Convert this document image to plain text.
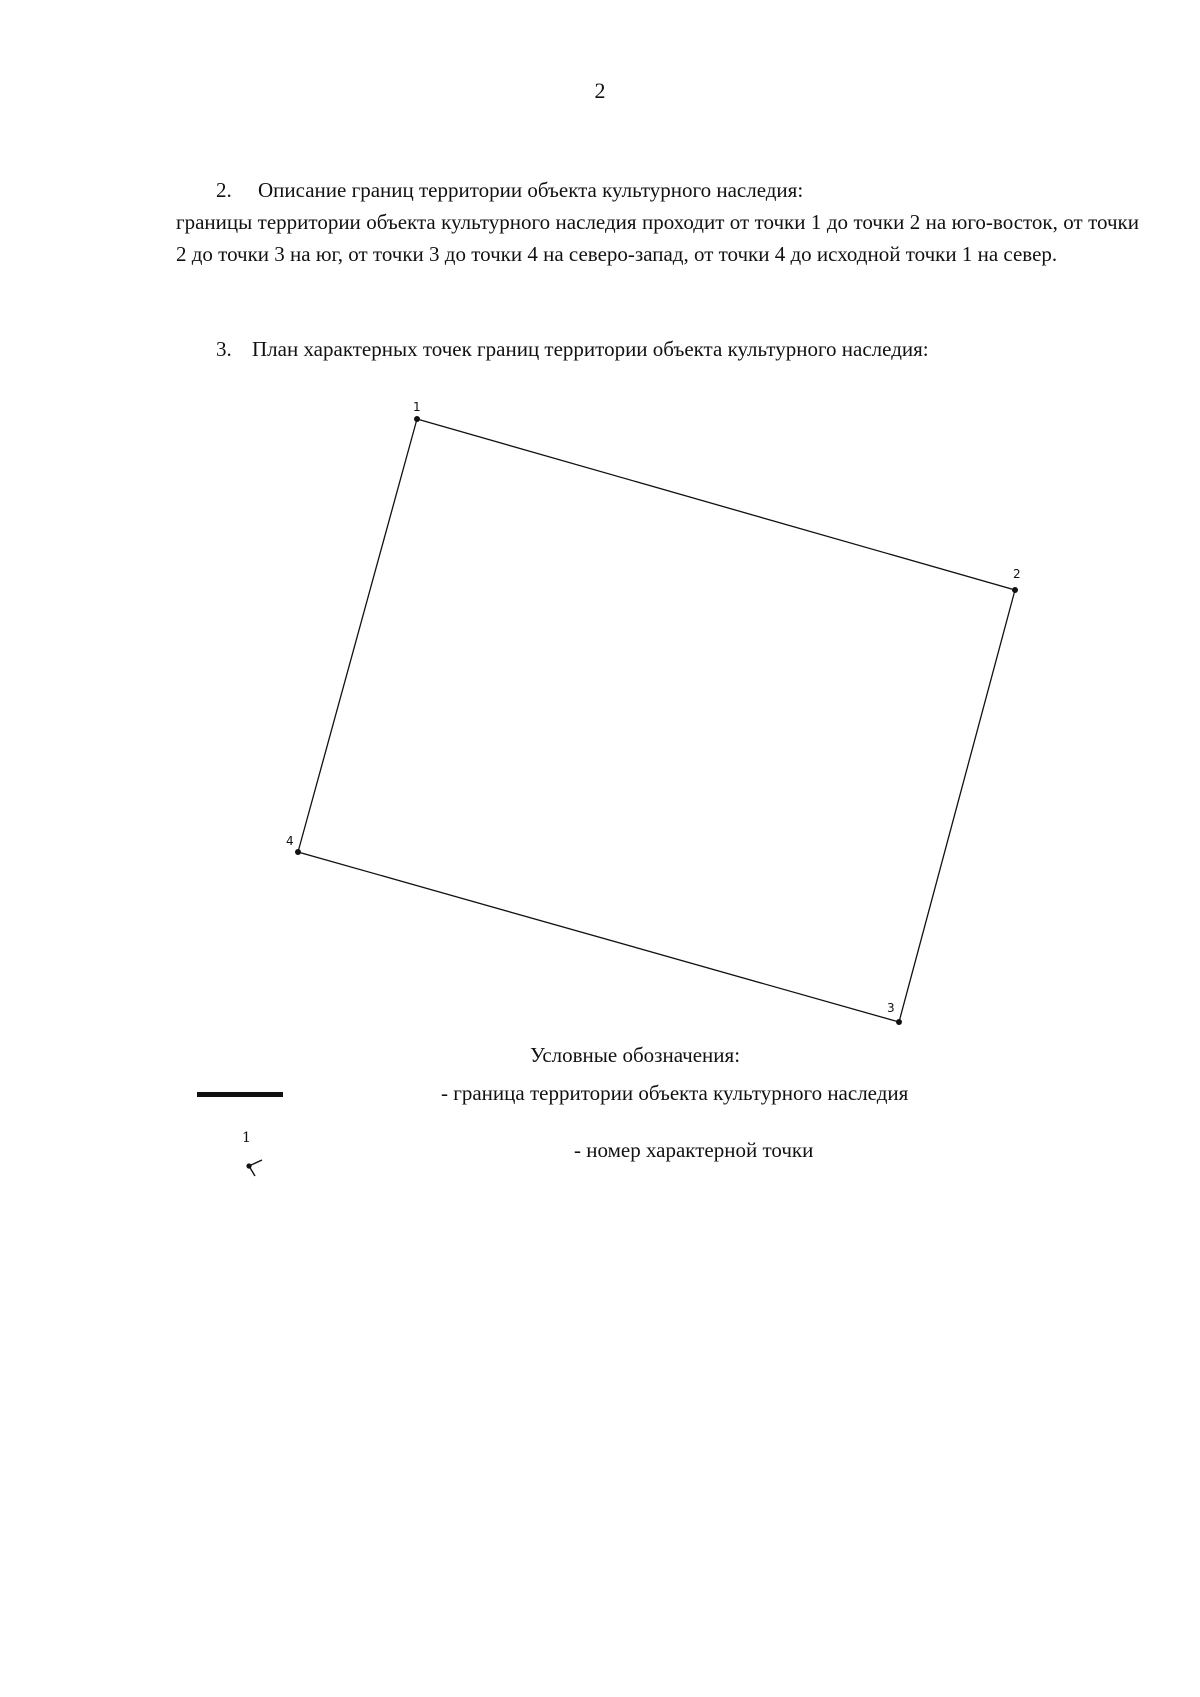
2
2. Описание границ территории объекта культурного наследия:
границы территории объекта культурного наследия проходит от точки 1 до точки 2 на юго-восток, от точки 2 до точки 3 на юг, от точки 3 до точки 4 на северо-запад, от точки 4 до исходной точки 1 на север.
3. План характерных точек границ территории объекта культурного наследия:
1
2
3
4
Условные обозначения:
- граница территории объекта культурного наследия
1	- номер характерной точки
